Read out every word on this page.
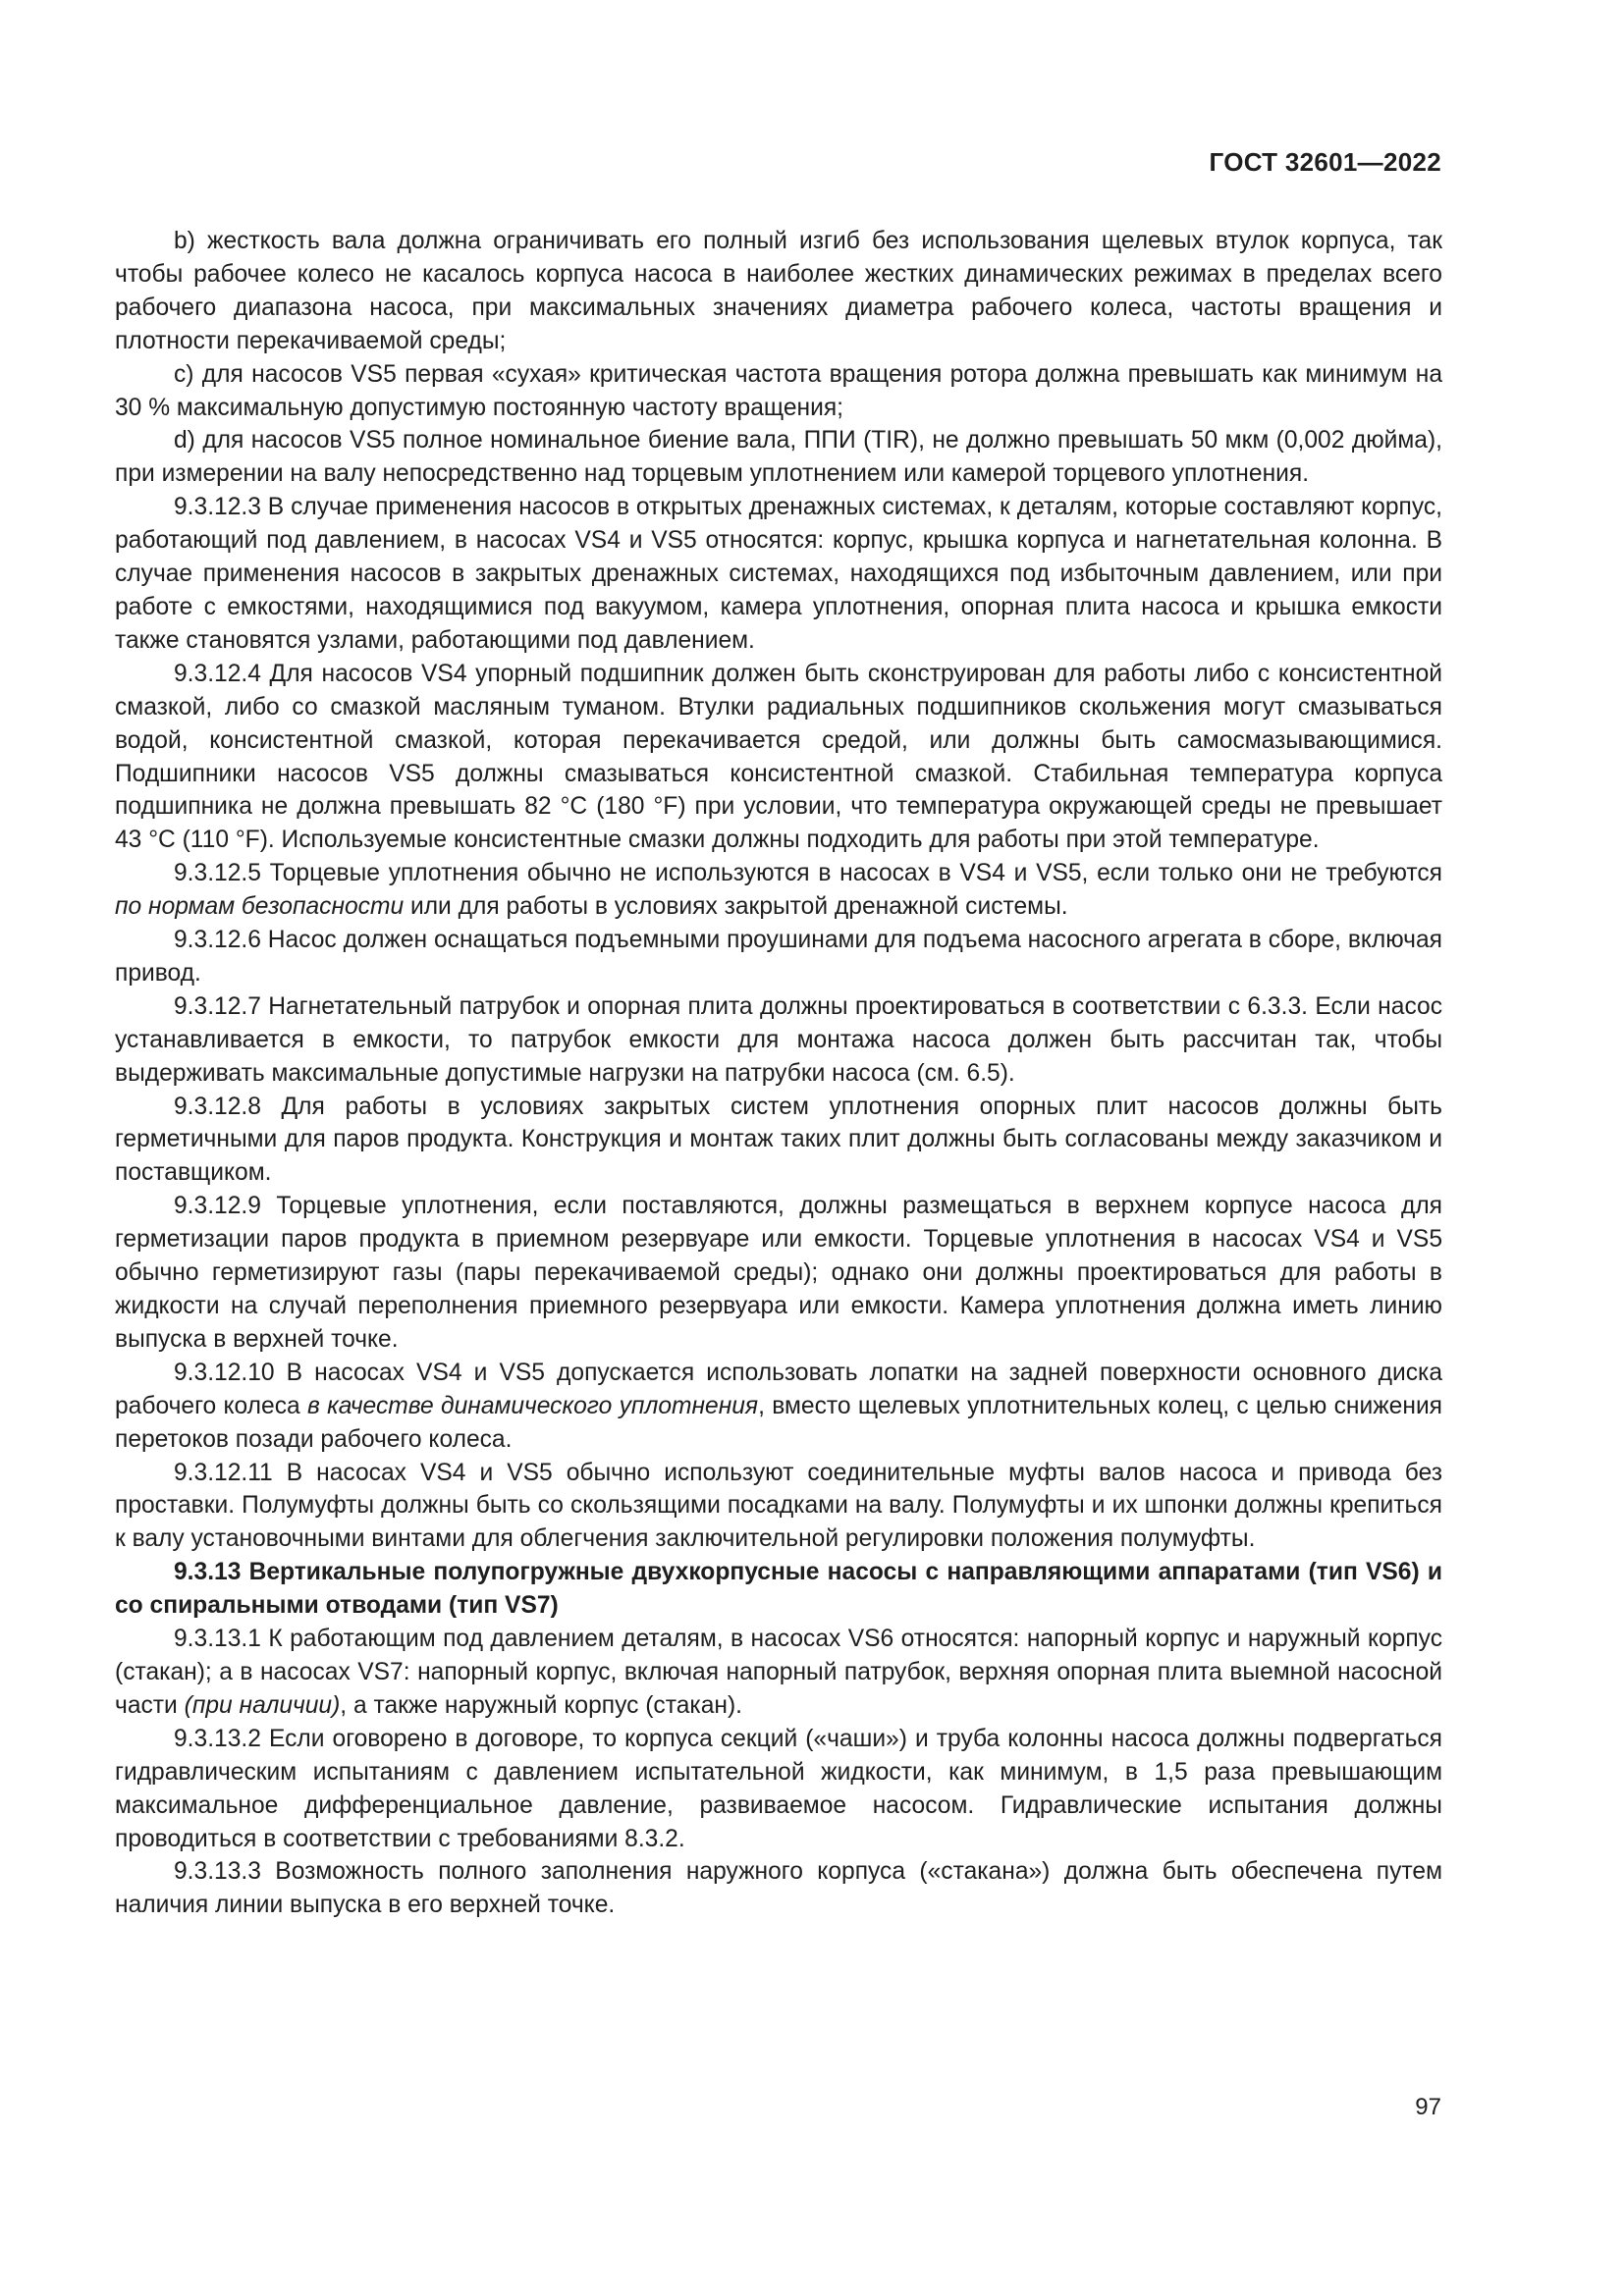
ГОСТ 32601—2022

b) жесткость вала должна ограничивать его полный изгиб без использования щелевых втулок корпуса, так чтобы рабочее колесо не касалось корпуса насоса в наиболее жестких динамических режимах в пределах всего рабочего диапазона насоса, при максимальных значениях диаметра рабочего колеса, частоты вращения и плотности перекачиваемой среды;

c) для насосов VS5 первая «сухая» критическая частота вращения ротора должна превышать как минимум на 30 % максимальную допустимую постоянную частоту вращения;

d) для насосов VS5 полное номинальное биение вала, ППИ (TIR), не должно превышать 50 мкм (0,002 дюйма), при измерении на валу непосредственно над торцевым уплотнением или камерой торцевого уплотнения.

9.3.12.3 В случае применения насосов в открытых дренажных системах, к деталям, которые составляют корпус, работающий под давлением, в насосах VS4 и VS5 относятся: корпус, крышка корпуса и нагнетательная колонна. В случае применения насосов в закрытых дренажных системах, находящихся под избыточным давлением, или при работе с емкостями, находящимися под вакуумом, камера уплотнения, опорная плита насоса и крышка емкости также становятся узлами, работающими под давлением.

9.3.12.4 Для насосов VS4 упорный подшипник должен быть сконструирован для работы либо с консистентной смазкой, либо со смазкой масляным туманом. Втулки радиальных подшипников скольжения могут смазываться водой, консистентной смазкой, которая перекачивается средой, или должны быть самосмазывающимися. Подшипники насосов VS5 должны смазываться консистентной смазкой. Стабильная температура корпуса подшипника не должна превышать 82 °C (180 °F) при условии, что температура окружающей среды не превышает 43 °C (110 °F). Используемые консистентные смазки должны подходить для работы при этой температуре.

9.3.12.5 Торцевые уплотнения обычно не используются в насосах в VS4 и VS5, если только они не требуются по нормам безопасности или для работы в условиях закрытой дренажной системы.

9.3.12.6 Насос должен оснащаться подъемными проушинами для подъема насосного агрегата в сборе, включая привод.

9.3.12.7 Нагнетательный патрубок и опорная плита должны проектироваться в соответствии с 6.3.3. Если насос устанавливается в емкости, то патрубок емкости для монтажа насоса должен быть рассчитан так, чтобы выдерживать максимальные допустимые нагрузки на патрубки насоса (см. 6.5).

9.3.12.8 Для работы в условиях закрытых систем уплотнения опорных плит насосов должны быть герметичными для паров продукта. Конструкция и монтаж таких плит должны быть согласованы между заказчиком и поставщиком.

9.3.12.9 Торцевые уплотнения, если поставляются, должны размещаться в верхнем корпусе насоса для герметизации паров продукта в приемном резервуаре или емкости. Торцевые уплотнения в насосах VS4 и VS5 обычно герметизируют газы (пары перекачиваемой среды); однако они должны проектироваться для работы в жидкости на случай переполнения приемного резервуара или емкости. Камера уплотнения должна иметь линию выпуска в верхней точке.

9.3.12.10 В насосах VS4 и VS5 допускается использовать лопатки на задней поверхности основного диска рабочего колеса в качестве динамического уплотнения, вместо щелевых уплотнительных колец, с целью снижения перетоков позади рабочего колеса.

9.3.12.11 В насосах VS4 и VS5 обычно используют соединительные муфты валов насоса и привода без проставки. Полумуфты должны быть со скользящими посадками на валу. Полумуфты и их шпонки должны крепиться к валу установочными винтами для облегчения заключительной регулировки положения полумуфты.

9.3.13 Вертикальные полупогружные двухкорпусные насосы с направляющими аппаратами (тип VS6) и со спиральными отводами (тип VS7)

9.3.13.1 К работающим под давлением деталям, в насосах VS6 относятся: напорный корпус и наружный корпус (стакан); а в насосах VS7: напорный корпус, включая напорный патрубок, верхняя опорная плита выемной насосной части (при наличии), а также наружный корпус (стакан).

9.3.13.2 Если оговорено в договоре, то корпуса секций («чаши») и труба колонны насоса должны подвергаться гидравлическим испытаниям с давлением испытательной жидкости, как минимум, в 1,5 раза превышающим максимальное дифференциальное давление, развиваемое насосом. Гидравлические испытания должны проводиться в соответствии с требованиями 8.3.2.

9.3.13.3 Возможность полного заполнения наружного корпуса («стакана») должна быть обеспечена путем наличия линии выпуска в его верхней точке.

97
